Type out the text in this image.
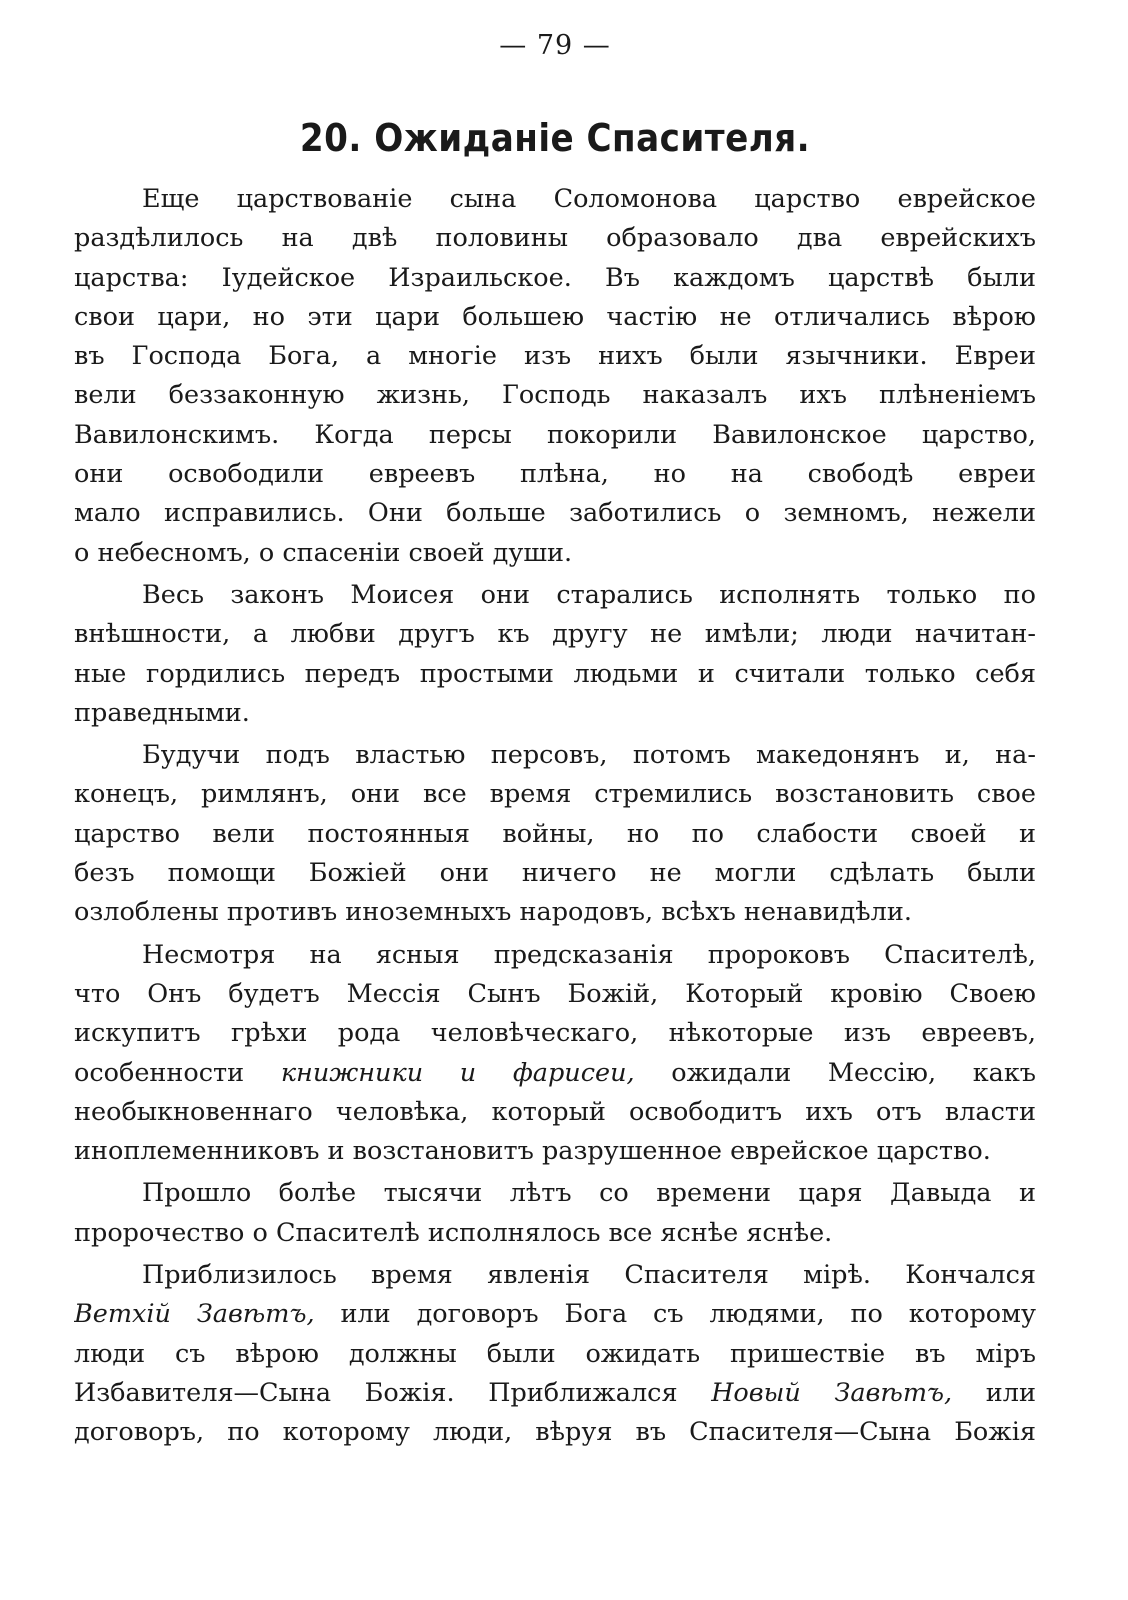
— 79 —
20. Ожиданіе Спасителя.
Еще царствованіе сына Соломонова царство еврейское
раздѣлилось на двѣ половины образовало два еврейскихъ
царства: Іудейское Израильское. Въ каждомъ царствѣ были
свои цари, но эти цари большею частію не отличались вѣрою
въ Господа Бога, а многіе изъ нихъ были язычники. Евреи
вели беззаконную жизнь, Господь наказалъ ихъ плѣненіемъ
Вавилонскимъ. Когда персы покорили Вавилонское царство,
они освободили евреевъ плѣна, но на свободѣ евреи
мало исправились. Они больше заботились о земномъ, нежели
о небесномъ, о спасеніи своей души.
Весь законъ Моисея они старались исполнять только по
внѣшности, а любви другъ къ другу не имѣли; люди начитан-
ные гордились передъ простыми людьми и считали только себя
праведными.
Будучи подъ властью персовъ, потомъ македонянъ и, на-
конецъ, римлянъ, они все время стремились возстановить свое
царство вели постоянныя войны, но по слабости своей и
безъ помощи Божіей они ничего не могли сдѣлать были
озлоблены противъ иноземныхъ народовъ, всѣхъ ненавидѣли.
Несмотря на ясныя предсказанія пророковъ Спасителѣ,
что Онъ будетъ Мессія Сынъ Божій, Который кровію Своею
искупитъ грѣхи рода человѣческаго, нѣкоторые изъ евреевъ,
особенности книжники и фарисеи, ожидали Мессію, какъ
необыкновеннаго человѣка, который освободитъ ихъ отъ власти
иноплеменниковъ и возстановитъ разрушенное еврейское царство.
Прошло болѣе тысячи лѣтъ со времени царя Давыда и
пророчество о Спасителѣ исполнялось все яснѣе яснѣе.
Приблизилось время явленія Спасителя мірѣ. Кончался
Ветхій Завѣтъ, или договоръ Бога съ людями, по которому
люди съ вѣрою должны были ожидать пришествіе въ міръ
Избавителя—Сына Божія. Приближался Новый Завѣтъ, или
договоръ, по которому люди, вѣруя въ Спасителя—Сына Божія
